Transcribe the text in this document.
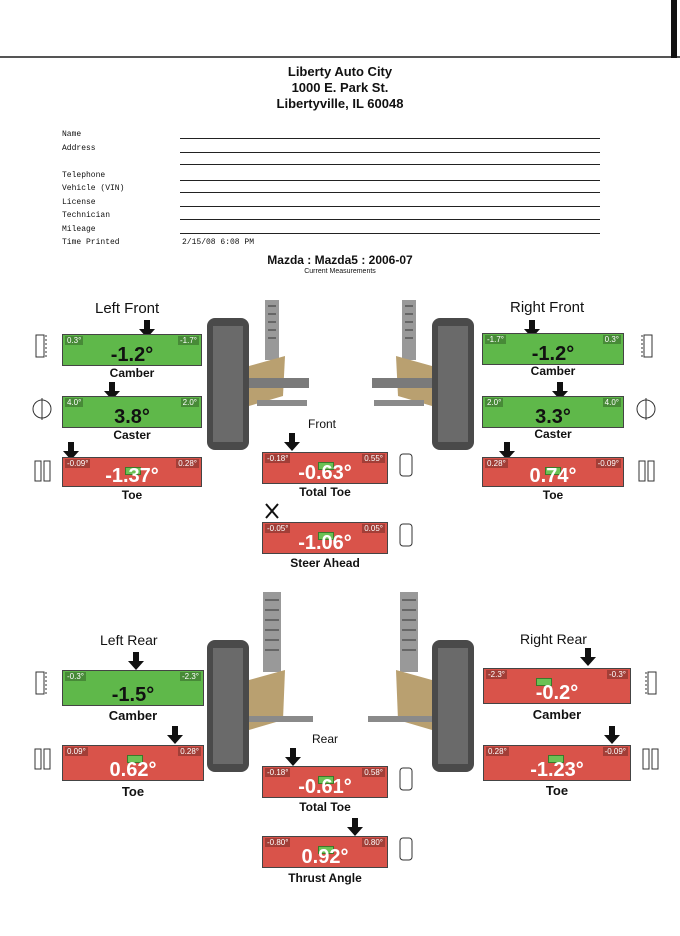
Liberty Auto City
1000 E. Park St.
Libertyville, IL 60048
Name
Address
Telephone
Vehicle (VIN)
License
Technician
Mileage
Time Printed	2/15/08 6:08 PM
Mazda : Mazda5 : 2006-07
Current Measurements
Front
Left Front	Right Front
0.3°	-1.7°
-1.2°
Camber
4.0°	2.0°
3.8°
Caster
-0.09°	0.28°
-1.37°
Toe
-1.7°	0.3°
-1.2°
Camber
2.0°	4.0°
3.3°
Caster
0.28°	-0.09°
0.74°
Toe
-0.18°	0.55°
-0.63°
Total Toe
-0.05°	0.05°
-1.06°
Steer Ahead
Rear
Left Rear	Right Rear
-0.3°	-2.3°
-1.5°
Camber
0.09°	0.28°
0.62°
Toe
-2.3°	-0.3°
-0.2°
Camber
0.28°	-0.09°
-1.23°
Toe
-0.18°	0.58°
-0.61°
Total Toe
-0.80°	0.80°
0.92°
Thrust Angle
